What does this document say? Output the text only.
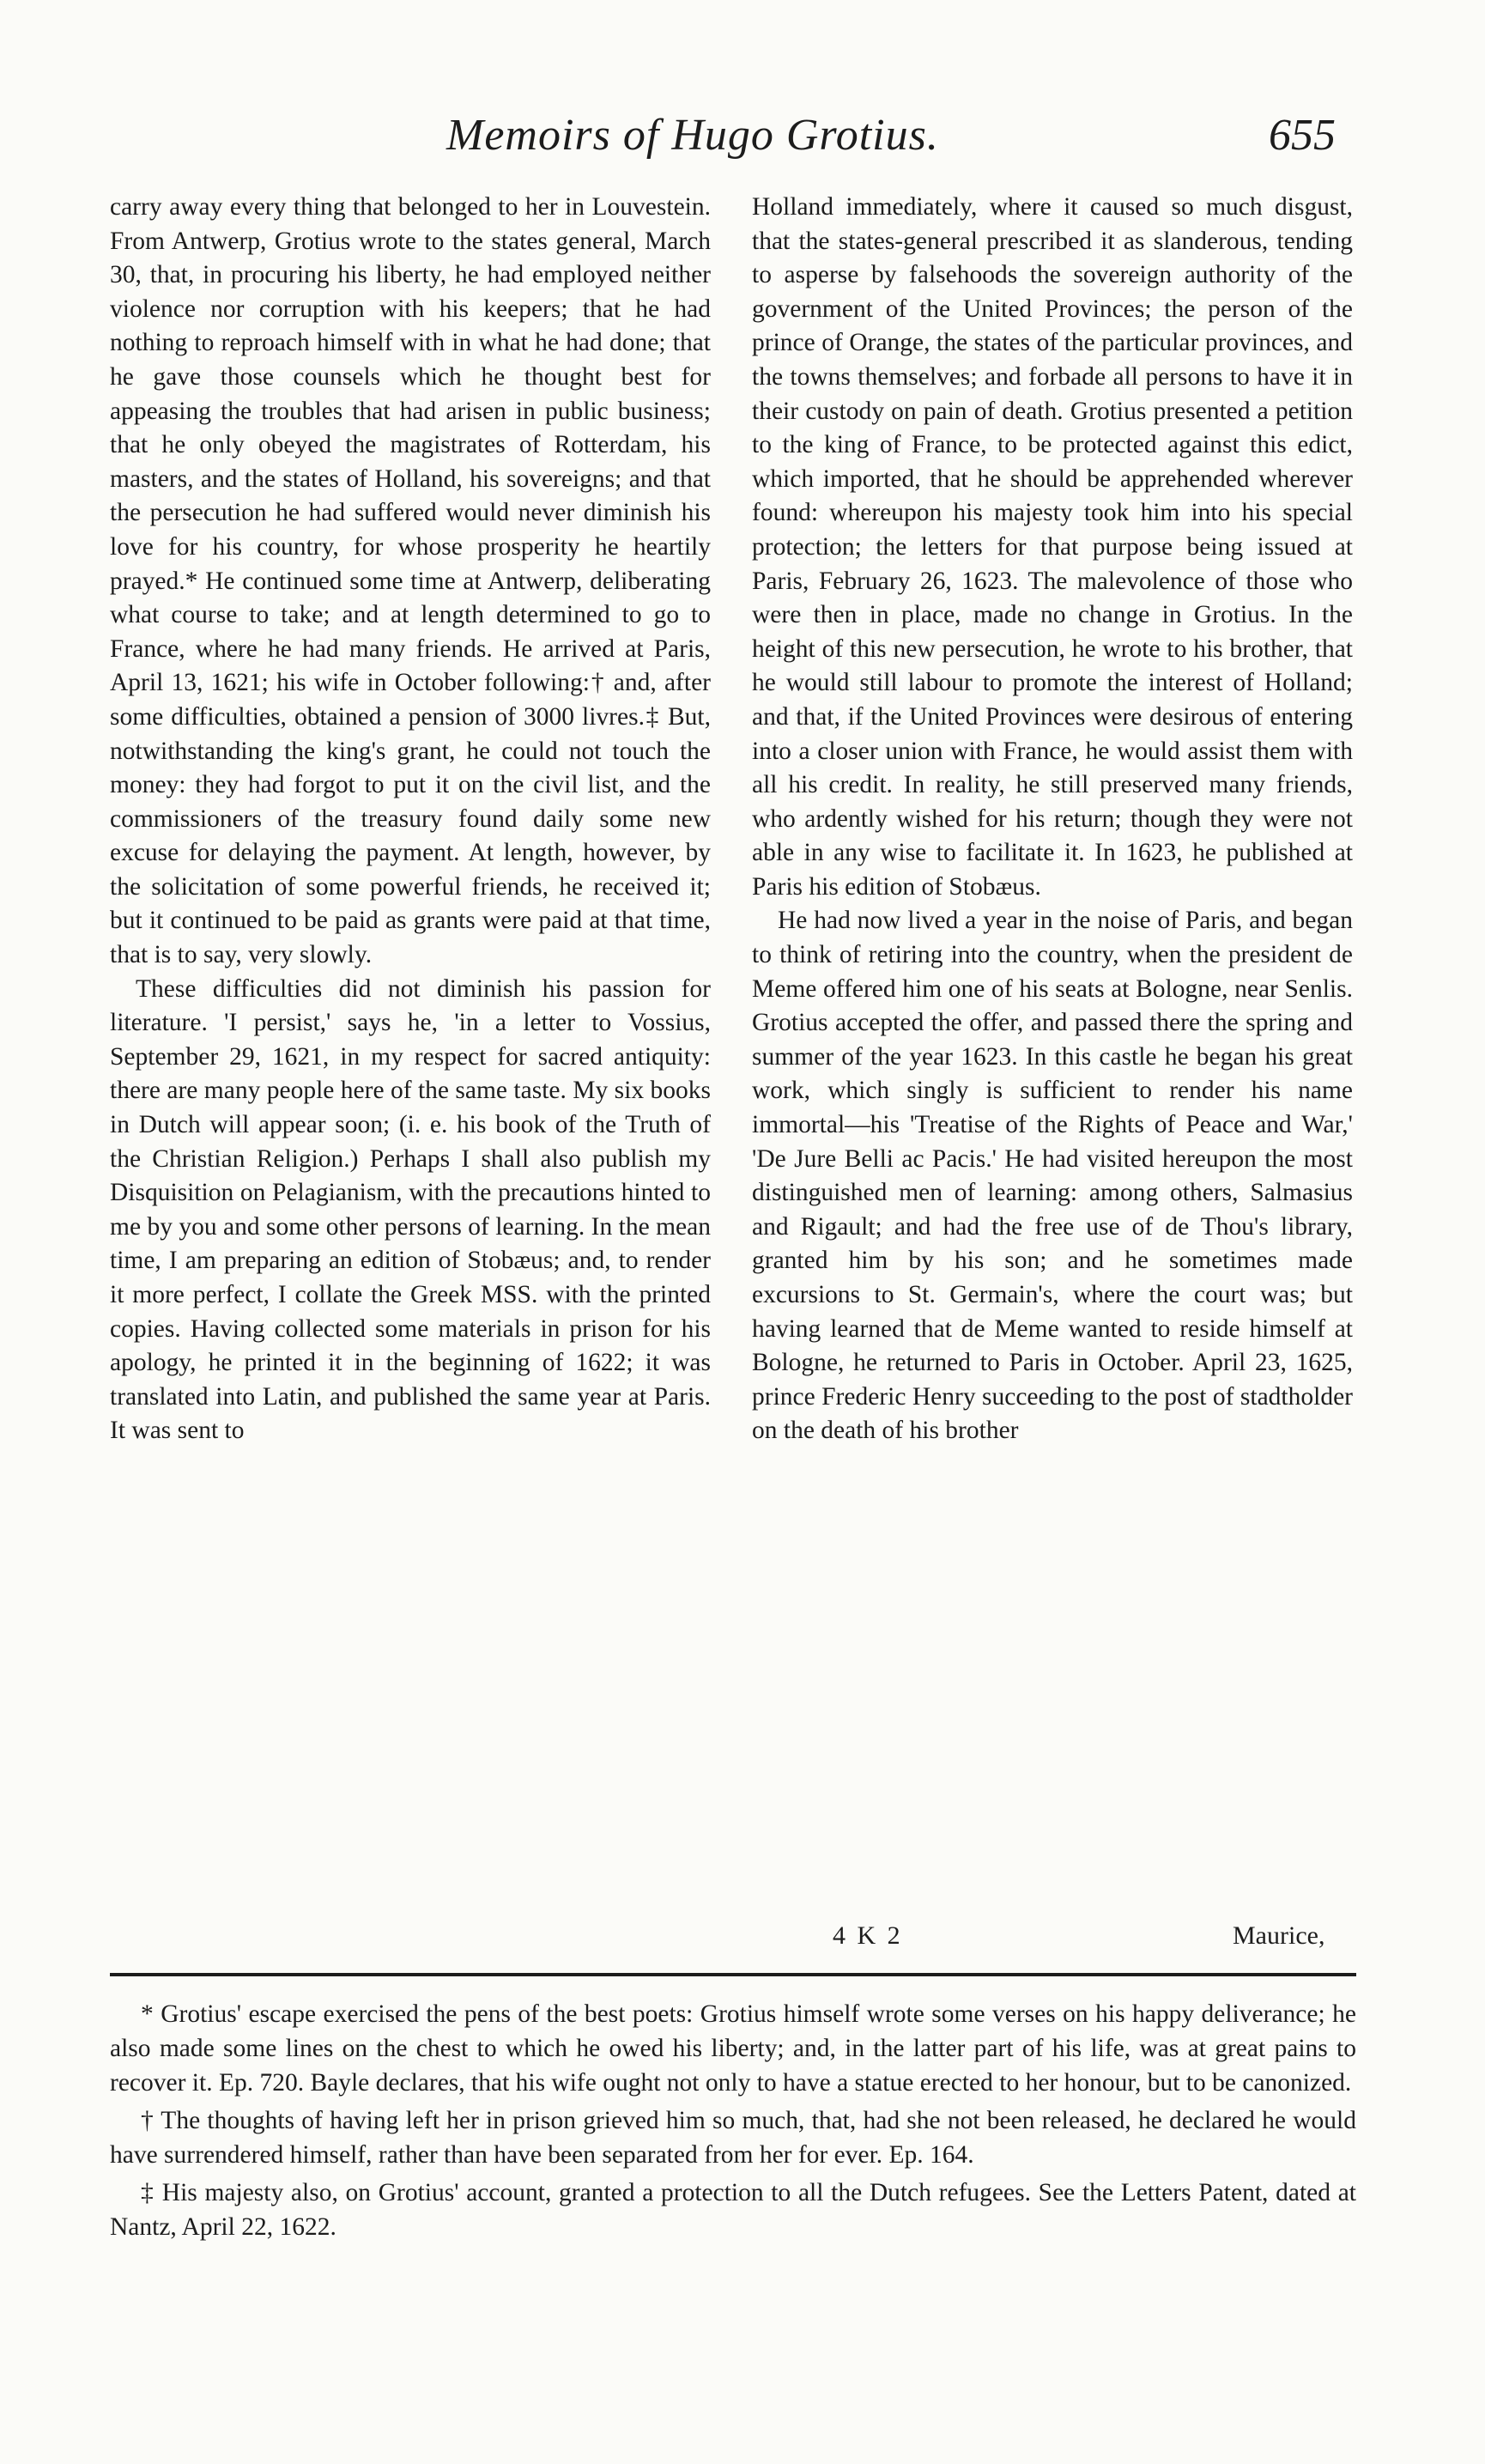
Memoirs of Hugo Grotius.	655

carry away every thing that belonged to her in Louvestein. From Antwerp, Grotius wrote to the states general, March 30, that, in procuring his liberty, he had employed neither violence nor corruption with his keepers; that he had nothing to reproach himself with in what he had done; that he gave those counsels which he thought best for appeasing the troubles that had arisen in public business; that he only obeyed the magistrates of Rotterdam, his masters, and the states of Holland, his sovereigns; and that the persecution he had suffered would never diminish his love for his country, for whose prosperity he heartily prayed.* He continued some time at Antwerp, deliberating what course to take; and at length determined to go to France, where he had many friends. He arrived at Paris, April 13, 1621; his wife in October following:† and, after some difficulties, obtained a pension of 3000 livres.‡ But, notwithstanding the king's grant, he could not touch the money: they had forgot to put it on the civil list, and the commissioners of the treasury found daily some new excuse for delaying the payment. At length, however, by the solicitation of some powerful friends, he received it; but it continued to be paid as grants were paid at that time, that is to say, very slowly.

These difficulties did not diminish his passion for literature. 'I persist,' says he, 'in a letter to Vossius, September 29, 1621, in my respect for sacred antiquity: there are many people here of the same taste. My six books in Dutch will appear soon; (i. e. his book of the Truth of the Christian Religion.) Perhaps I shall also publish my Disquisition on Pelagianism, with the precautions hinted to me by you and some other persons of learning. In the mean time, I am preparing an edition of Stobæus; and, to render it more perfect, I collate the Greek MSS. with the printed copies. Having collected some materials in prison for his apology, he printed it in the beginning of 1622; it was translated into Latin, and published the same year at Paris. It was sent to

Holland immediately, where it caused so much disgust, that the states-general prescribed it as slanderous, tending to asperse by falsehoods the sovereign authority of the government of the United Provinces; the person of the prince of Orange, the states of the particular provinces, and the towns themselves; and forbade all persons to have it in their custody on pain of death. Grotius presented a petition to the king of France, to be protected against this edict, which imported, that he should be apprehended wherever found: whereupon his majesty took him into his special protection; the letters for that purpose being issued at Paris, February 26, 1623. The malevolence of those who were then in place, made no change in Grotius. In the height of this new persecution, he wrote to his brother, that he would still labour to promote the interest of Holland; and that, if the United Provinces were desirous of entering into a closer union with France, he would assist them with all his credit. In reality, he still preserved many friends, who ardently wished for his return; though they were not able in any wise to facilitate it. In 1623, he published at Paris his edition of Stobæus.

He had now lived a year in the noise of Paris, and began to think of retiring into the country, when the president de Meme offered him one of his seats at Bologne, near Senlis. Grotius accepted the offer, and passed there the spring and summer of the year 1623. In this castle he began his great work, which singly is sufficient to render his name immortal—his 'Treatise of the Rights of Peace and War,' 'De Jure Belli ac Pacis.' He had visited hereupon the most distinguished men of learning: among others, Salmasius and Rigault; and had the free use of de Thou's library, granted him by his son; and he sometimes made excursions to St. Germain's, where the court was; but having learned that de Meme wanted to reside himself at Bologne, he returned to Paris in October. April 23, 1625, prince Frederic Henry succeeding to the post of stadtholder on the death of his brother

4 K 2	Maurice,

* Grotius' escape exercised the pens of the best poets: Grotius himself wrote some verses on his happy deliverance; he also made some lines on the chest to which he owed his liberty; and, in the latter part of his life, was at great pains to recover it. Ep. 720. Bayle declares, that his wife ought not only to have a statue erected to her honour, but to be canonized.

† The thoughts of having left her in prison grieved him so much, that, had she not been released, he declared he would have surrendered himself, rather than have been separated from her for ever. Ep. 164.

‡ His majesty also, on Grotius' account, granted a protection to all the Dutch refugees. See the Letters Patent, dated at Nantz, April 22, 1622.
